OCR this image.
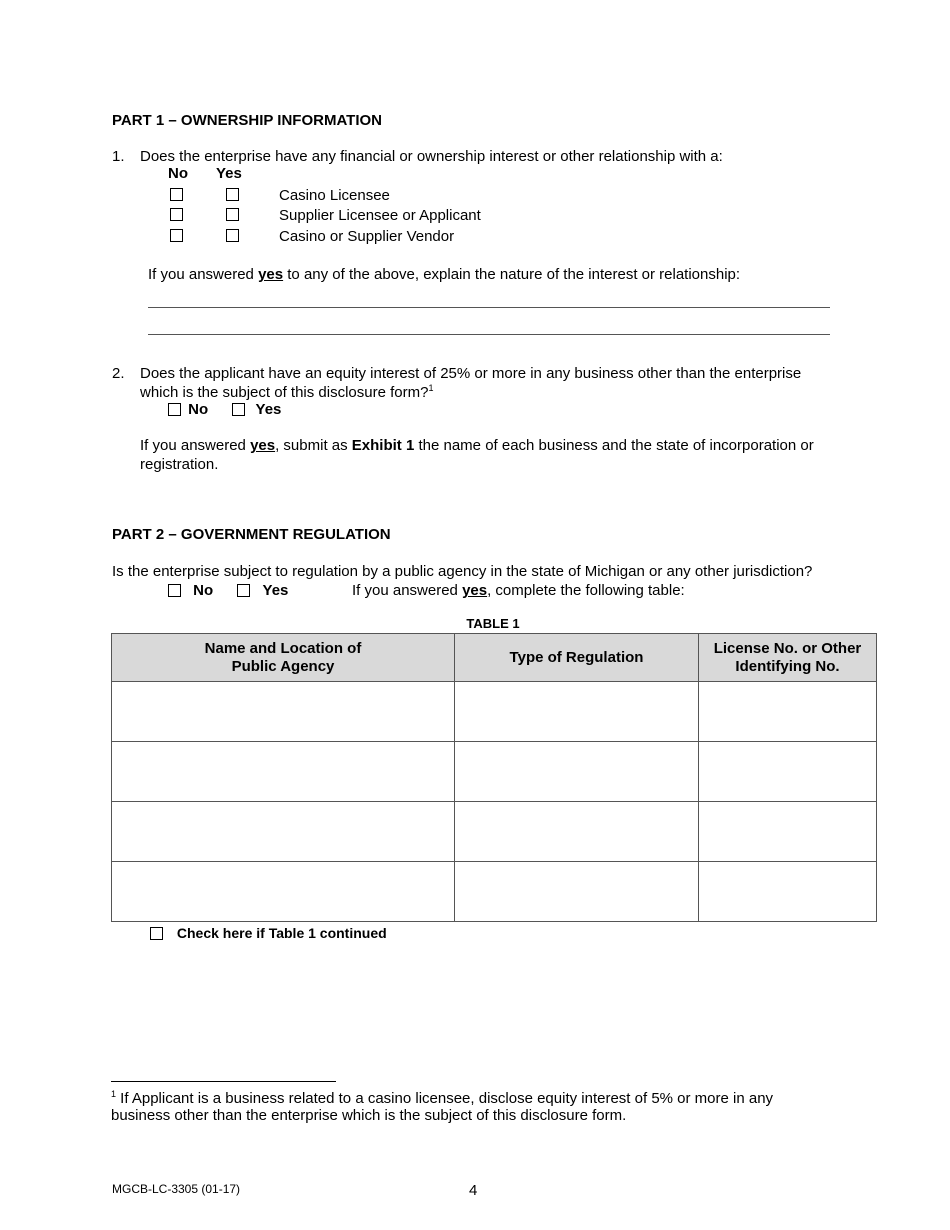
PART 1 – OWNERSHIP INFORMATION
1. Does the enterprise have any financial or ownership interest or other relationship with a:
No Yes
Casino Licensee
Supplier Licensee or Applicant
Casino or Supplier Vendor
If you answered yes to any of the above, explain the nature of the interest or relationship:
2. Does the applicant have an equity interest of 25% or more in any business other than the enterprise
which is the subject of this disclosure form?$^1$
No	Yes
If you answered yes, submit as Exhibit 1 the name of each business and the state of incorporation or
registration.
PART 2 – GOVERNMENT REGULATION
Is the enterprise subject to regulation by a public agency in the state of Michigan or any other jurisdiction?
No	Yes	If you answered yes, complete the following table:
TABLE 1
Name and Location of
Public Agency	Type of Regulation	License No. or Other
Identifying No.

Check here if Table 1 continued
$^1$ If Applicant is a business related to a casino licensee, disclose equity interest of 5% or more in any
business other than the enterprise which is the subject of this disclosure form.
MGCB-LC-3305 (01-17)	4
